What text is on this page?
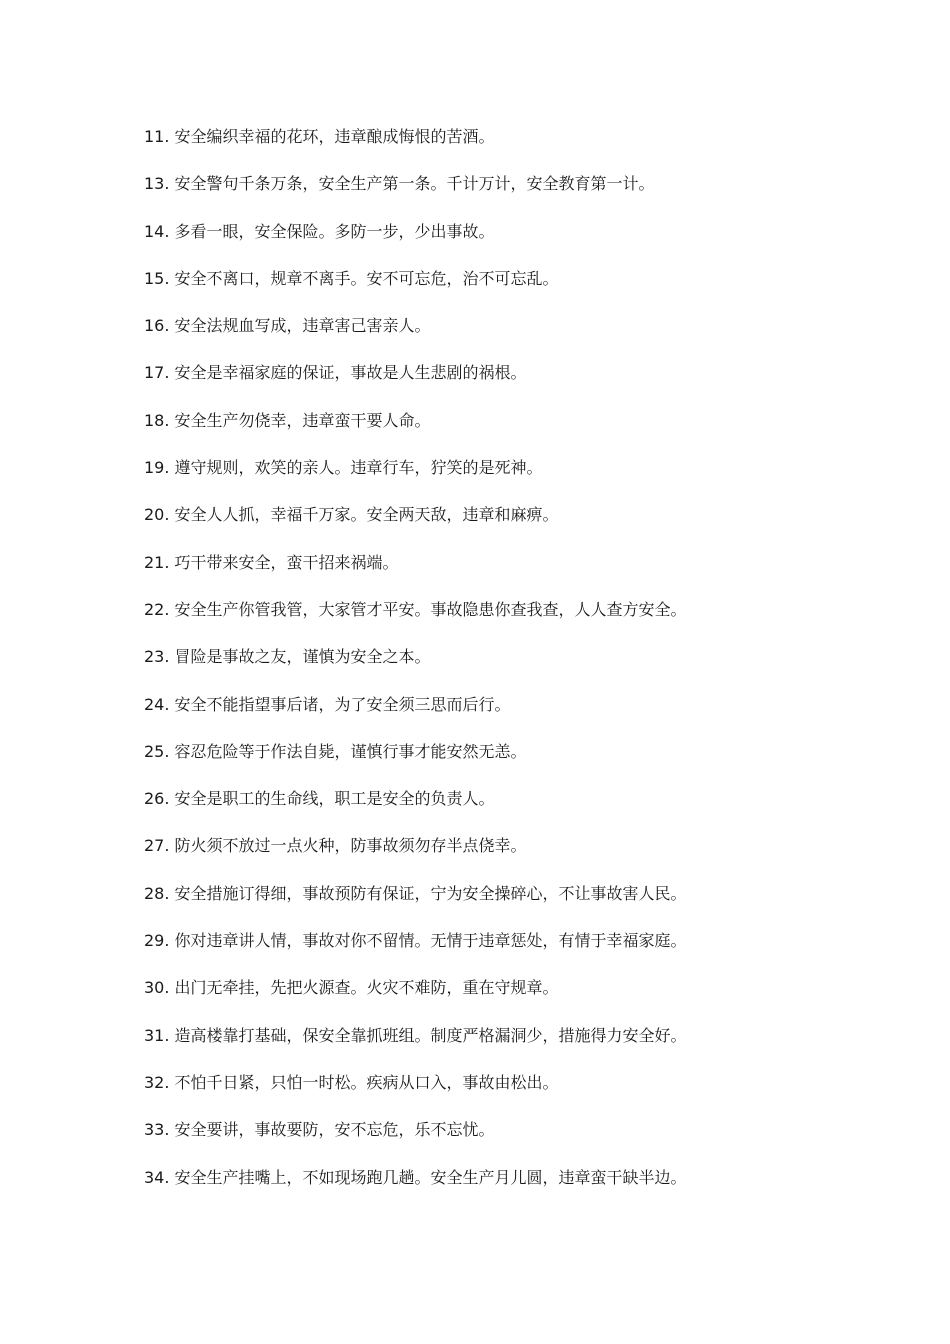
11. 安全编织幸福的花环，违章酿成悔恨的苦酒。
13. 安全警句千条万条，安全生产第一条。千计万计，安全教育第一计。
14. 多看一眼，安全保险。多防一步，少出事故。
15. 安全不离口，规章不离手。安不可忘危，治不可忘乱。
16. 安全法规血写成，违章害己害亲人。
17. 安全是幸福家庭的保证，事故是人生悲剧的祸根。
18. 安全生产勿侥幸，违章蛮干要人命。
19. 遵守规则，欢笑的亲人。违章行车，狞笑的是死神。
20. 安全人人抓，幸福千万家。安全两天敌，违章和麻痹。
21. 巧干带来安全，蛮干招来祸端。
22. 安全生产你管我管，大家管才平安。事故隐患你查我查，人人查方安全。
23. 冒险是事故之友，谨慎为安全之本。
24. 安全不能指望事后诸，为了安全须三思而后行。
25. 容忍危险等于作法自毙，谨慎行事才能安然无恙。
26. 安全是职工的生命线，职工是安全的负责人。
27. 防火须不放过一点火种，防事故须勿存半点侥幸。
28. 安全措施订得细，事故预防有保证，宁为安全操碎心，不让事故害人民。
29. 你对违章讲人情，事故对你不留情。无情于违章惩处，有情于幸福家庭。
30. 出门无牵挂，先把火源查。火灾不难防，重在守规章。
31. 造高楼靠打基础，保安全靠抓班组。制度严格漏洞少，措施得力安全好。
32. 不怕千日紧，只怕一时松。疾病从口入，事故由松出。
33. 安全要讲，事故要防，安不忘危，乐不忘忧。
34. 安全生产挂嘴上，不如现场跑几趟。安全生产月儿圆，违章蛮干缺半边。
